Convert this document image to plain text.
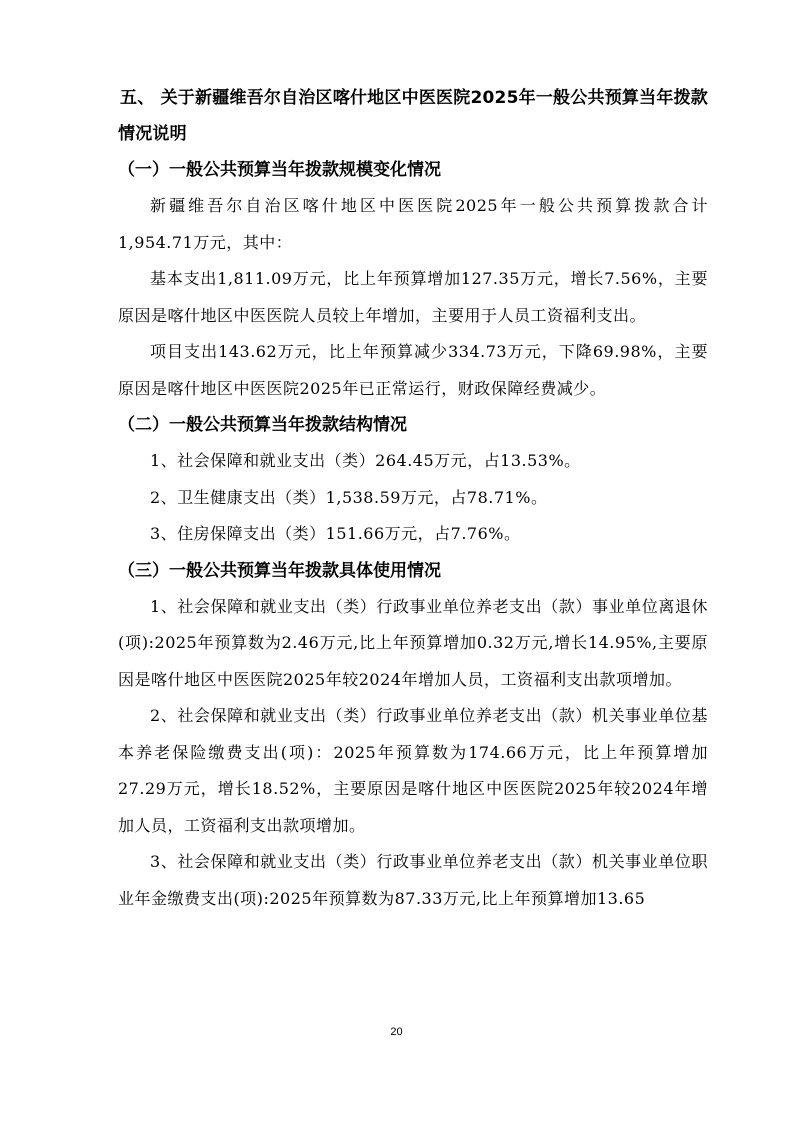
五、 关于新疆维吾尔自治区喀什地区中医医院2025年一般公共预算当年拨款情况说明

（一）一般公共预算当年拨款规模变化情况

新疆维吾尔自治区喀什地区中医医院2025年一般公共预算拨款合计1,954.71万元，其中：

基本支出1,811.09万元，比上年预算增加127.35万元，增长7.56%，主要原因是喀什地区中医医院人员较上年增加，主要用于人员工资福利支出。

项目支出143.62万元，比上年预算减少334.73万元，下降69.98%，主要原因是喀什地区中医医院2025年已正常运行，财政保障经费减少。

（二）一般公共预算当年拨款结构情况

1、社会保障和就业支出（类）264.45万元，占13.53%。

2、卫生健康支出（类）1,538.59万元，占78.71%。

3、住房保障支出（类）151.66万元，占7.76%。

（三）一般公共预算当年拨款具体使用情况

1、社会保障和就业支出（类）行政事业单位养老支出（款）事业单位离退休(项):2025年预算数为2.46万元,比上年预算增加0.32万元,增长14.95%,主要原因是喀什地区中医医院2025年较2024年增加人员，工资福利支出款项增加。

2、社会保障和就业支出（类）行政事业单位养老支出（款）机关事业单位基本养老保险缴费支出(项)：2025年预算数为174.66万元，比上年预算增加27.29万元，增长18.52%，主要原因是喀什地区中医医院2025年较2024年增加人员，工资福利支出款项增加。

3、社会保障和就业支出（类）行政事业单位养老支出（款）机关事业单位职业年金缴费支出(项):2025年预算数为87.33万元,比上年预算增加13.65

20
